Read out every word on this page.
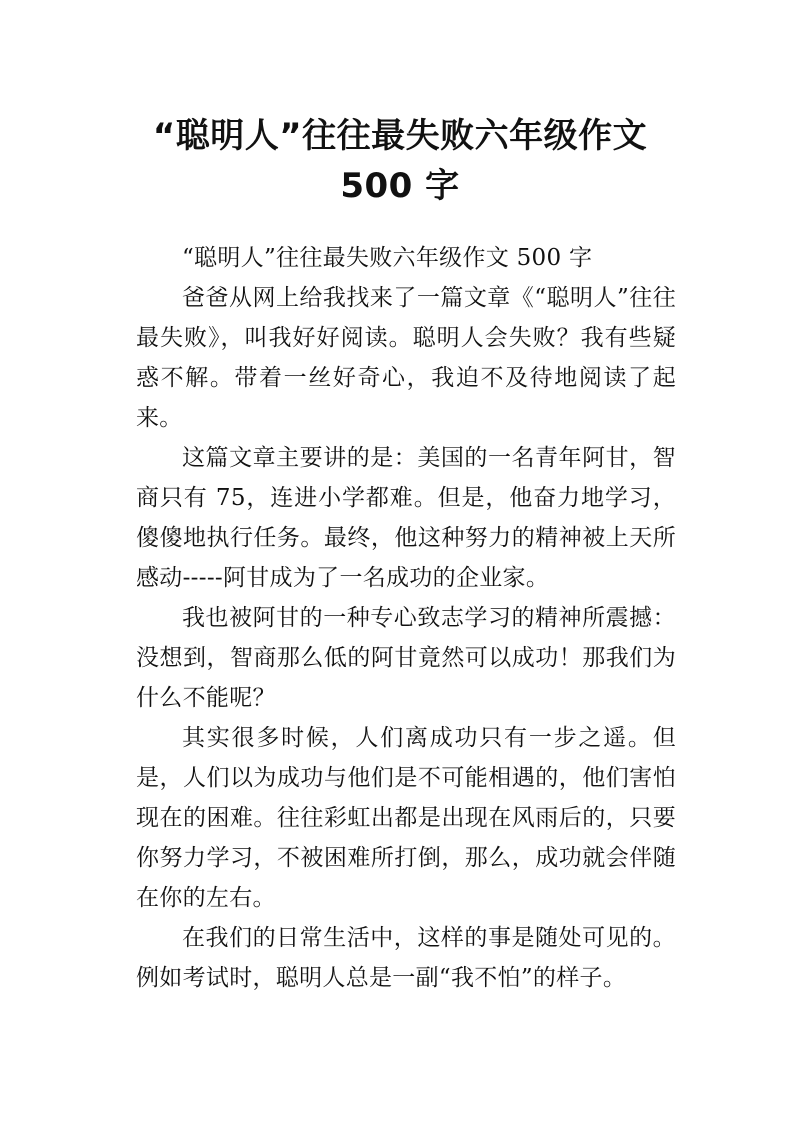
“聪明人”往往最失败六年级作文
500 字

“聪明人”往往最失败六年级作文 500 字

爸爸从网上给我找来了一篇文章《“聪明人”往往最失败》，叫我好好阅读。聪明人会失败？我有些疑惑不解。带着一丝好奇心，我迫不及待地阅读了起来。

这篇文章主要讲的是：美国的一名青年阿甘，智商只有 75，连进小学都难。但是，他奋力地学习，傻傻地执行任务。最终，他这种努力的精神被上天所感动-----阿甘成为了一名成功的企业家。

我也被阿甘的一种专心致志学习的精神所震撼：没想到，智商那么低的阿甘竟然可以成功！那我们为什么不能呢？

其实很多时候，人们离成功只有一步之遥。但是，人们以为成功与他们是不可能相遇的，他们害怕现在的困难。往往彩虹出都是出现在风雨后的，只要你努力学习，不被困难所打倒，那么，成功就会伴随在你的左右。

在我们的日常生活中，这样的事是随处可见的。例如考试时，聪明人总是一副“我不怕”的样子。
